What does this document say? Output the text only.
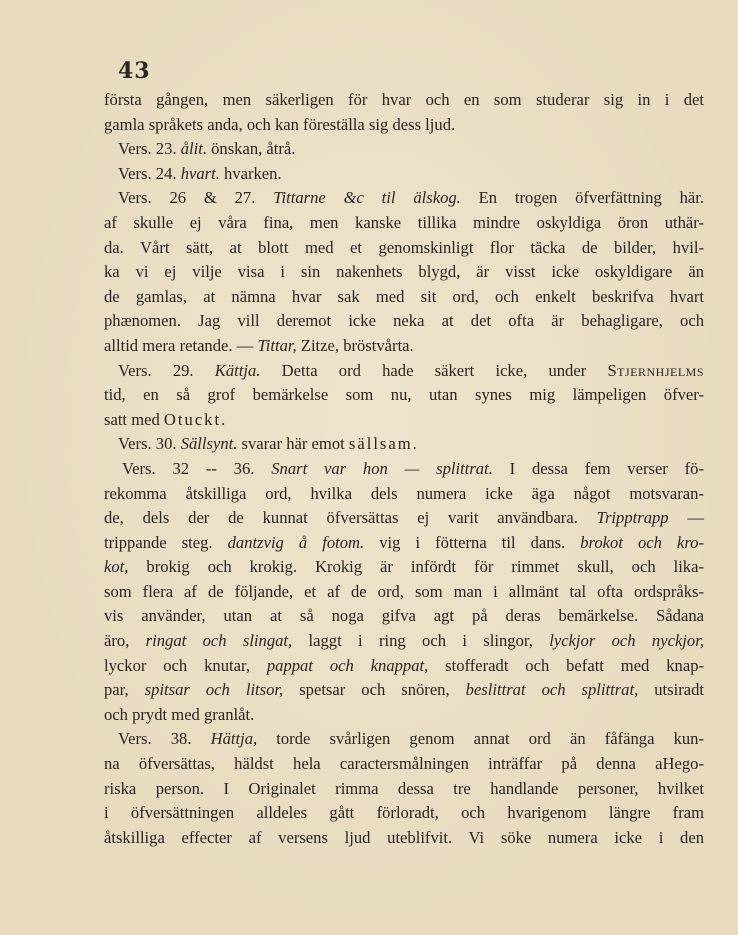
43
första gången, men säkerligen för hvar och en som studerar sig in i det
gamla språkets anda, och kan föreställa sig dess ljud.
Vers. 23. ålit. önskan, åtrå.
Vers. 24. hvart. hvarken.
Vers. 26 & 27. Tittarne &c til älskog. En trogen öfverfättning här.
af skulle ej våra fina, men kanske tillika mindre oskyldiga öron uthär-
da. Vårt sätt, at blott med et genomskinligt flor täcka de bilder, hvil-
ka vi ej vilje visa i sin nakenhets blygd, är visst icke oskyldigare än
de gamlas, at nämna hvar sak med sit ord, och enkelt beskrifva hvart
phænomen. Jag vill deremot icke neka at det ofta är behagligare, och
alltid mera retande. — Tittar, Zitze, bröstvårta.
Vers. 29. Kättja. Detta ord hade säkert icke, under Stjernhjelms
tid, en så grof bemärkelse som nu, utan synes mig lämpeligen öfver-
satt med Otuckt.
Vers. 30. Sällsynt. svarar här emot sällsam.
Vers. 32 -- 36. Snart var hon — splittrat. I dessa fem verser fö-
rekomma åtskilliga ord, hvilka dels numera icke äga något motsvaran-
de, dels der de kunnat öfversättas ej varit användbara. Tripptrapp —
trippande steg. dantzvig å fotom. vig i fötterna til dans. brokot och kro-
kot, brokig och krokig. Krokig är infördt för rimmet skull, och lika-
som flera af de följande, et af de ord, som man i allmänt tal ofta ordspråks-
vis använder, utan at så noga gifva agt på deras bemärkelse. Sådana
äro, ringat och slingat, laggt i ring och i slingor, lyckjor och nyckjor,
lyckor och knutar, pappat och knappat, stofferadt och befatt med knap-
par, spitsar och litsor, spetsar och snören, beslittrat och splittrat, utsiradt
och prydt med granlåt.
Vers. 38. Hättja, torde svårligen genom annat ord än fåfänga kun-
na öfversättas, häldst hela caractersmålningen inträffar på denna aHego-
riska person. I Originalet rimma dessa tre handlande personer, hvilket
i öfversättningen alldeles gått förloradt, och hvarigenom längre fram
åtskilliga effecter af versens ljud uteblifvit. Vi söke numera icke i den
